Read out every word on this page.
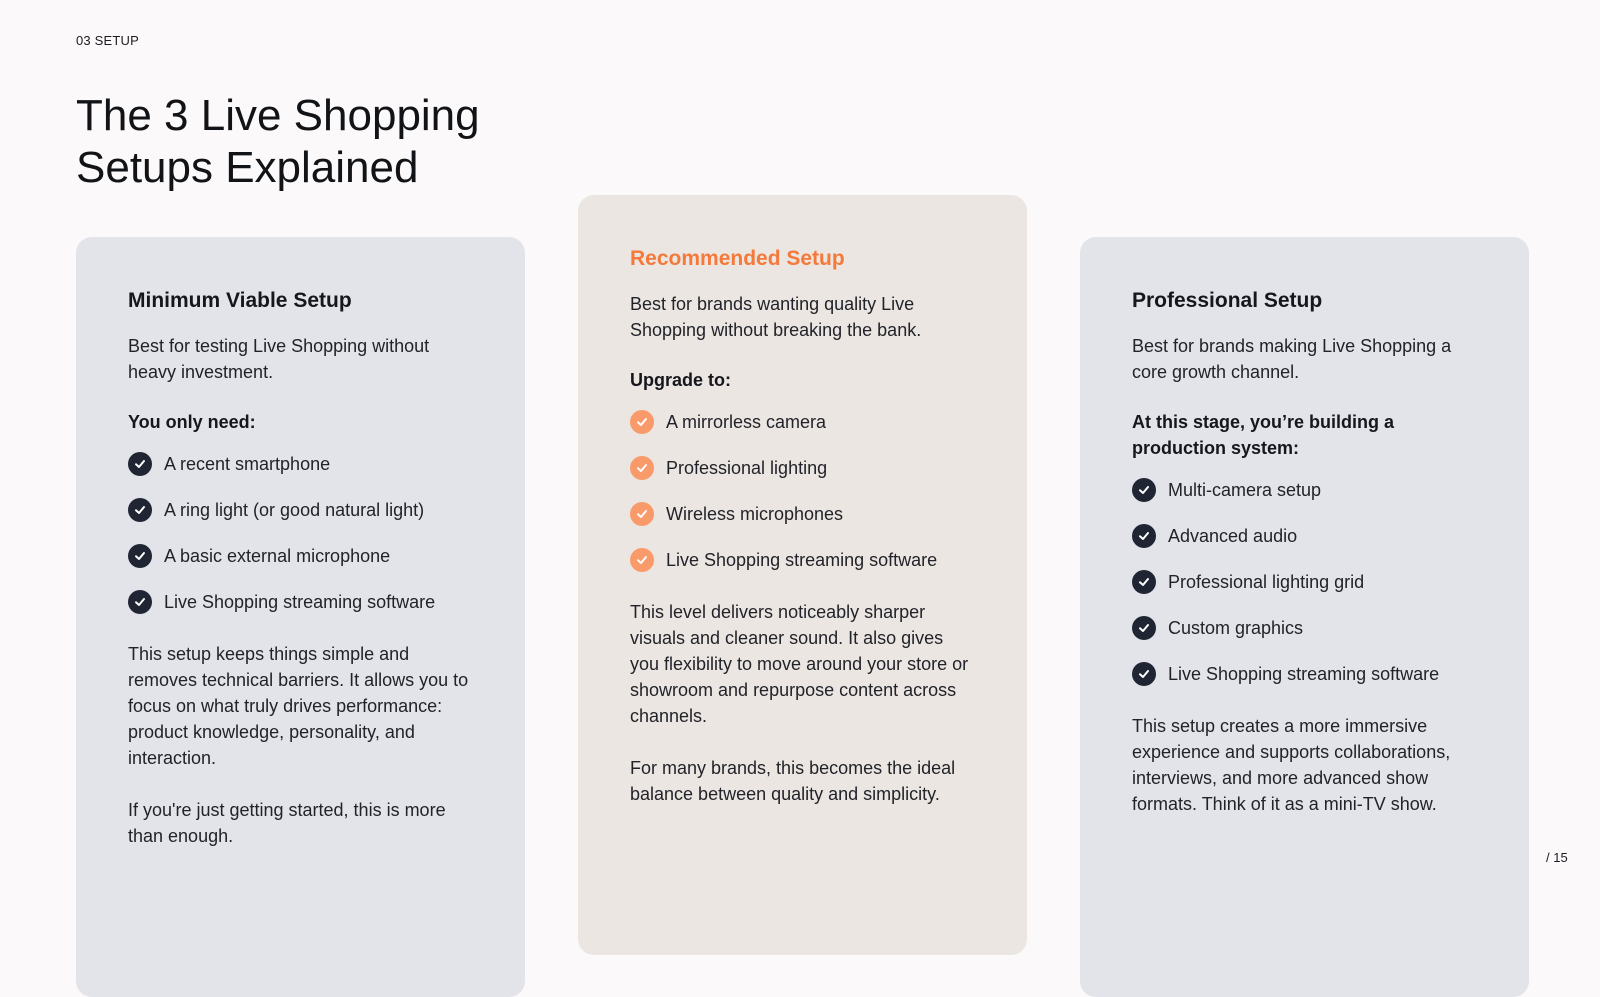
03 SETUP
The 3 Live Shopping Setups Explained
Minimum Viable Setup

Best for testing Live Shopping without heavy investment.

You only need:

A recent smartphone
A ring light (or good natural light)
A basic external microphone
Live Shopping streaming software

This setup keeps things simple and removes technical barriers. It allows you to focus on what truly drives performance: product knowledge, personality, and interaction.

If you're just getting started, this is more than enough.

Recommended Setup

Best for brands wanting quality Live Shopping without breaking the bank.

Upgrade to:

A mirrorless camera
Professional lighting
Wireless microphones
Live Shopping streaming software

This level delivers noticeably sharper visuals and cleaner sound. It also gives you flexibility to move around your store or showroom and repurpose content across channels.

For many brands, this becomes the ideal balance between quality and simplicity.

Professional Setup

Best for brands making Live Shopping a core growth channel.

At this stage, you’re building a production system:

Multi-camera setup
Advanced audio
Professional lighting grid
Custom graphics
Live Shopping streaming software

This setup creates a more immersive experience and supports collaborations, interviews, and more advanced show formats. Think of it as a mini-TV show.

/ 15
